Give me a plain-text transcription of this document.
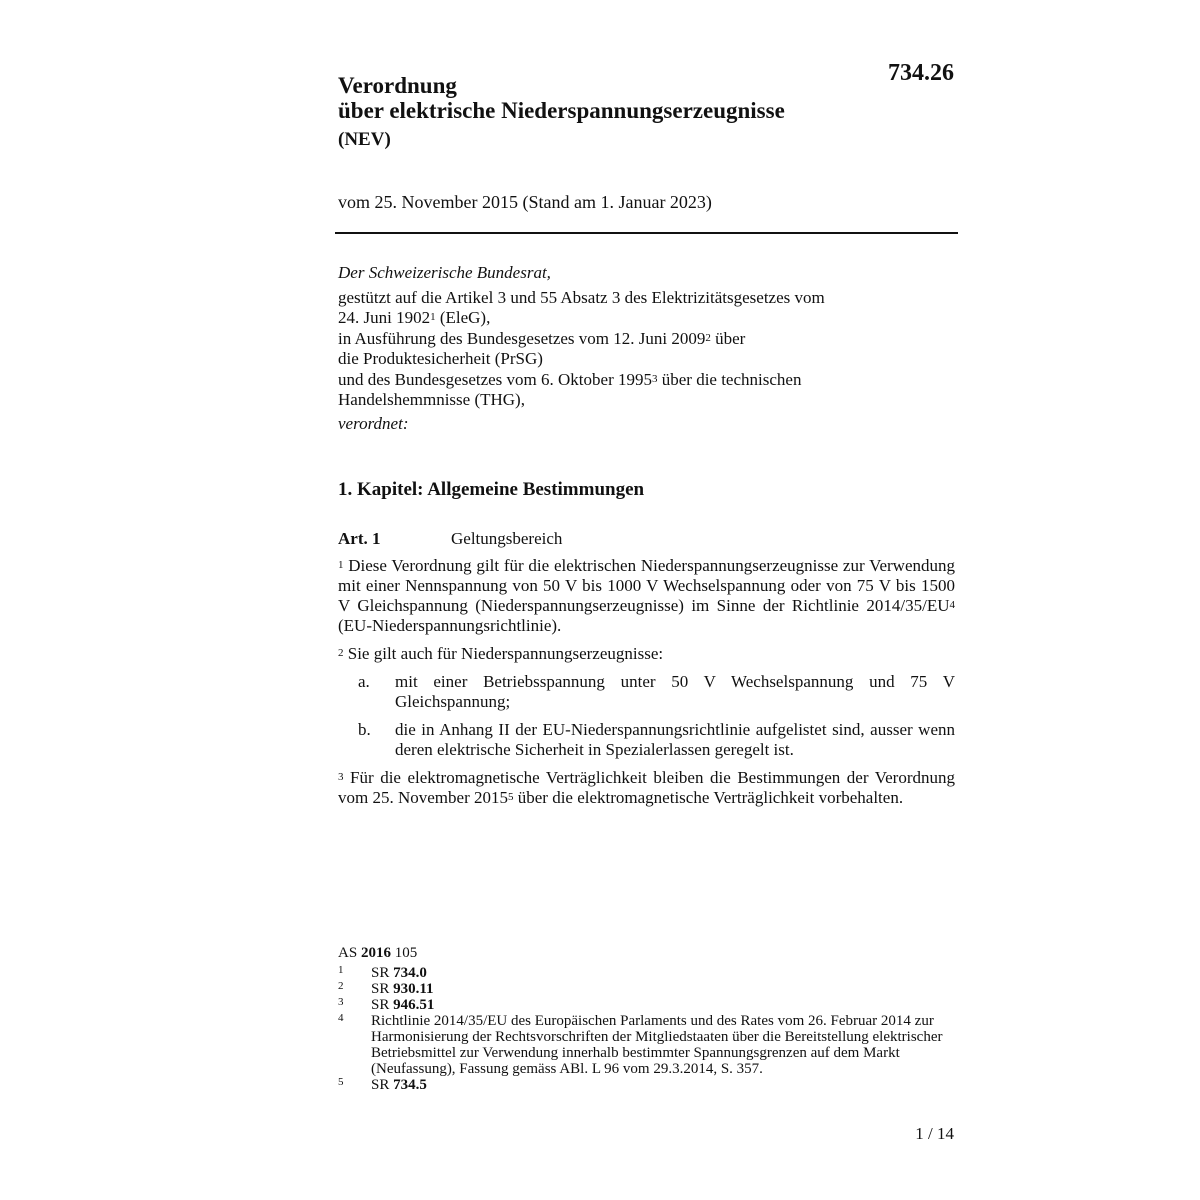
734.26
Verordnung
über elektrische Niederspannungserzeugnisse
(NEV)
vom 25. November 2015 (Stand am 1. Januar 2023)
Der Schweizerische Bundesrat,
gestützt auf die Artikel 3 und 55 Absatz 3 des Elektrizitätsgesetzes vom
24. Juni 1902$^1$ (EleG),
in Ausführung des Bundesgesetzes vom 12. Juni 2009$^2$ über
die Produktesicherheit (PrSG)
und des Bundesgesetzes vom 6. Oktober 1995$^3$ über die technischen
Handelshemmnisse (THG),
verordnet:
1. Kapitel: Allgemeine Bestimmungen
Art. 1	Geltungsbereich
$^1$ Diese Verordnung gilt für die elektrischen Niederspannungserzeugnisse zur Verwendung mit einer Nennspannung von 50 V bis 1000 V Wechselspannung oder von 75 V bis 1500 V Gleichspannung (Niederspannungserzeugnisse) im Sinne der Richtlinie $2014/35/EU^4$ (EU-Niederspannungsrichtlinie).
$^2$ Sie gilt auch für Niederspannungserzeugnisse:
a.	mit einer Betriebsspannung unter 50 V Wechselspannung und 75 V Gleichspannung;
b.	die in Anhang II der EU-Niederspannungsrichtlinie aufgelistet sind, ausser wenn deren elektrische Sicherheit in Spezialerlassen geregelt ist.
$^3$ Für die elektromagnetische Verträglichkeit bleiben die Bestimmungen der Verordnung vom 25. November 2015$^5$ über die elektromagnetische Verträglichkeit vorbehalten.
AS 2016 105
1	SR 734.0
2	SR 930.11
3	SR 946.51
4	Richtlinie 2014/35/EU des Europäischen Parlaments und des Rates vom 26. Februar 2014 zur Harmonisierung der Rechtsvorschriften der Mitgliedstaaten über die Bereitstellung elektrischer Betriebsmittel zur Verwendung innerhalb bestimmter Spannungsgrenzen auf dem Markt (Neufassung), Fassung gemäss ABl. L 96 vom 29.3.2014, S. 357.
5	SR 734.5
1 / 14
